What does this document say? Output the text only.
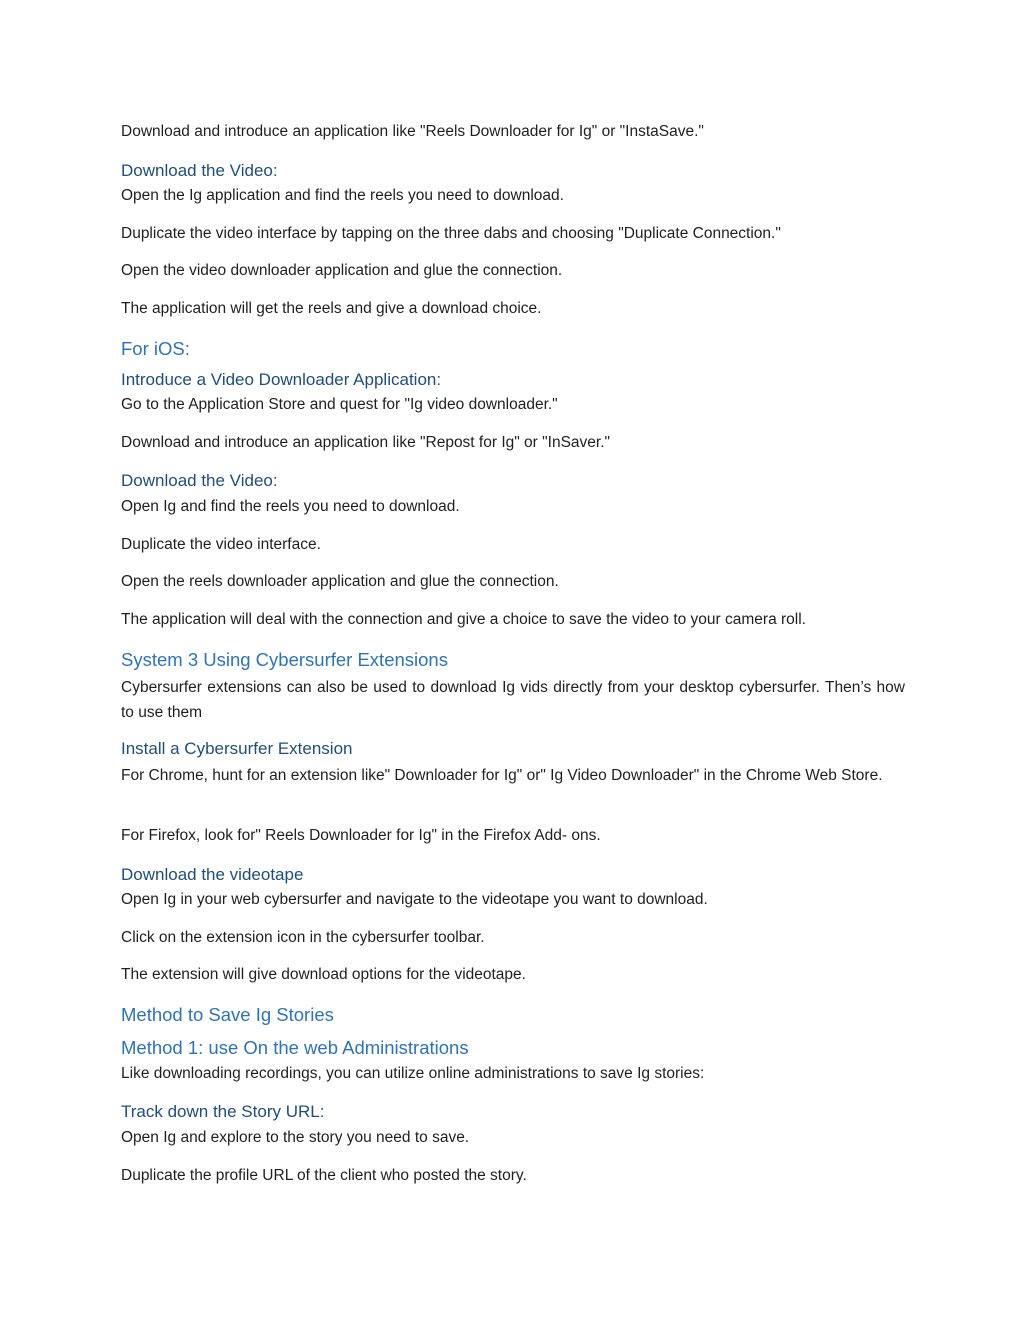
Download and introduce an application like "Reels Downloader for Ig" or "InstaSave."

Download the Video:

Open the Ig application and find the reels you need to download.

Duplicate the video interface by tapping on the three dabs and choosing "Duplicate Connection."

Open the video downloader application and glue the connection.

The application will get the reels and give a download choice.

For iOS:
Introduce a Video Downloader Application:

Go to the Application Store and quest for "Ig video downloader."

Download and introduce an application like "Repost for Ig" or "InSaver."

Download the Video:

Open Ig and find the reels you need to download.

Duplicate the video interface.

Open the reels downloader application and glue the connection.

The application will deal with the connection and give a choice to save the video to your camera roll.

System 3 Using Cybersurfer Extensions

Cybersurfer extensions can also be used to download Ig vids directly from your desktop cybersurfer. Then’s how to use them

Install a Cybersurfer Extension

For Chrome, hunt for an extension like" Downloader for Ig" or" Ig Video Downloader" in the Chrome Web Store.

For Firefox, look for" Reels Downloader for Ig" in the Firefox Add- ons.

Download the videotape

Open Ig in your web cybersurfer and navigate to the videotape you want to download.

Click on the extension icon in the cybersurfer toolbar.

The extension will give download options for the videotape.

Method to Save Ig Stories
Method 1: use On the web Administrations

Like downloading recordings, you can utilize online administrations to save Ig stories:

Track down the Story URL:

Open Ig and explore to the story you need to save.

Duplicate the profile URL of the client who posted the story.
